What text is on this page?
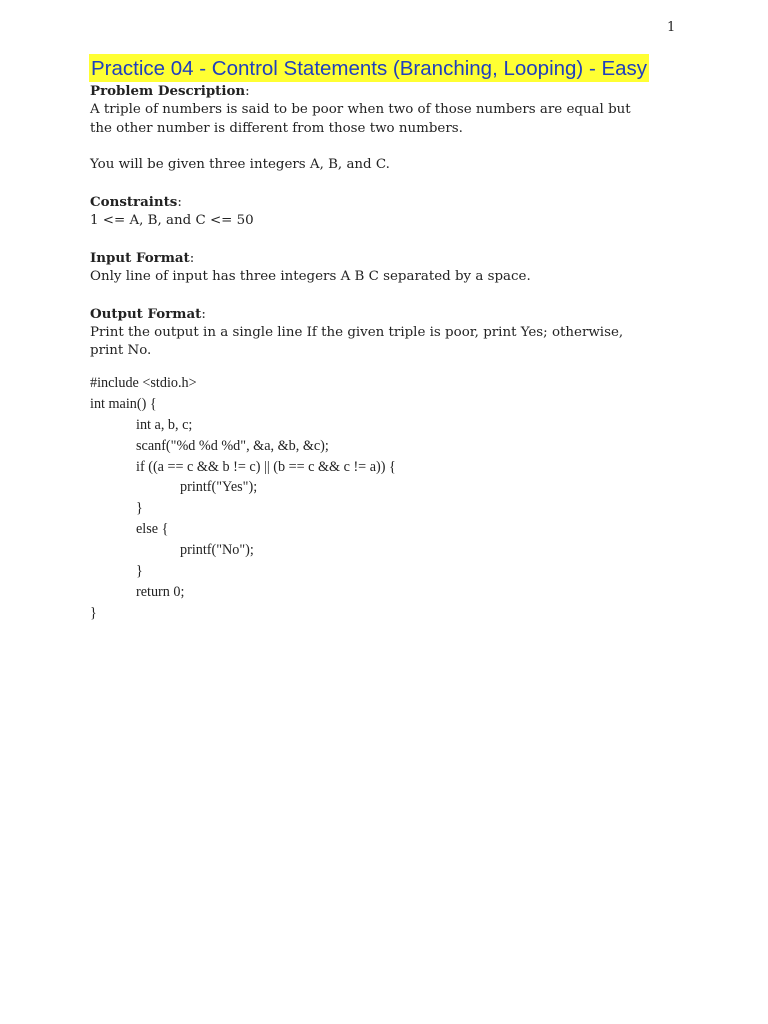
1
Practice 04 - Control Statements (Branching, Looping) - Easy

Problem Description:

A triple of numbers is said to be poor when two of those numbers are equal but

the other number is different from those two numbers.

You will be given three integers A, B, and C.

Constraints:

1 <= A, B, and C <= 50

Input Format:

Only line of input has three integers A B C separated by a space.

Output Format:

Print the output in a single line If the given triple is poor, print Yes; otherwise,

print No.

#include <stdio.h>
int main() {
int a, b, c;
scanf("%d %d %d", &a, &b, &c);
if ((a == c && b != c) || (b == c && c != a)) {
printf("Yes");
}
else {
printf("No");
}
return 0;
}
